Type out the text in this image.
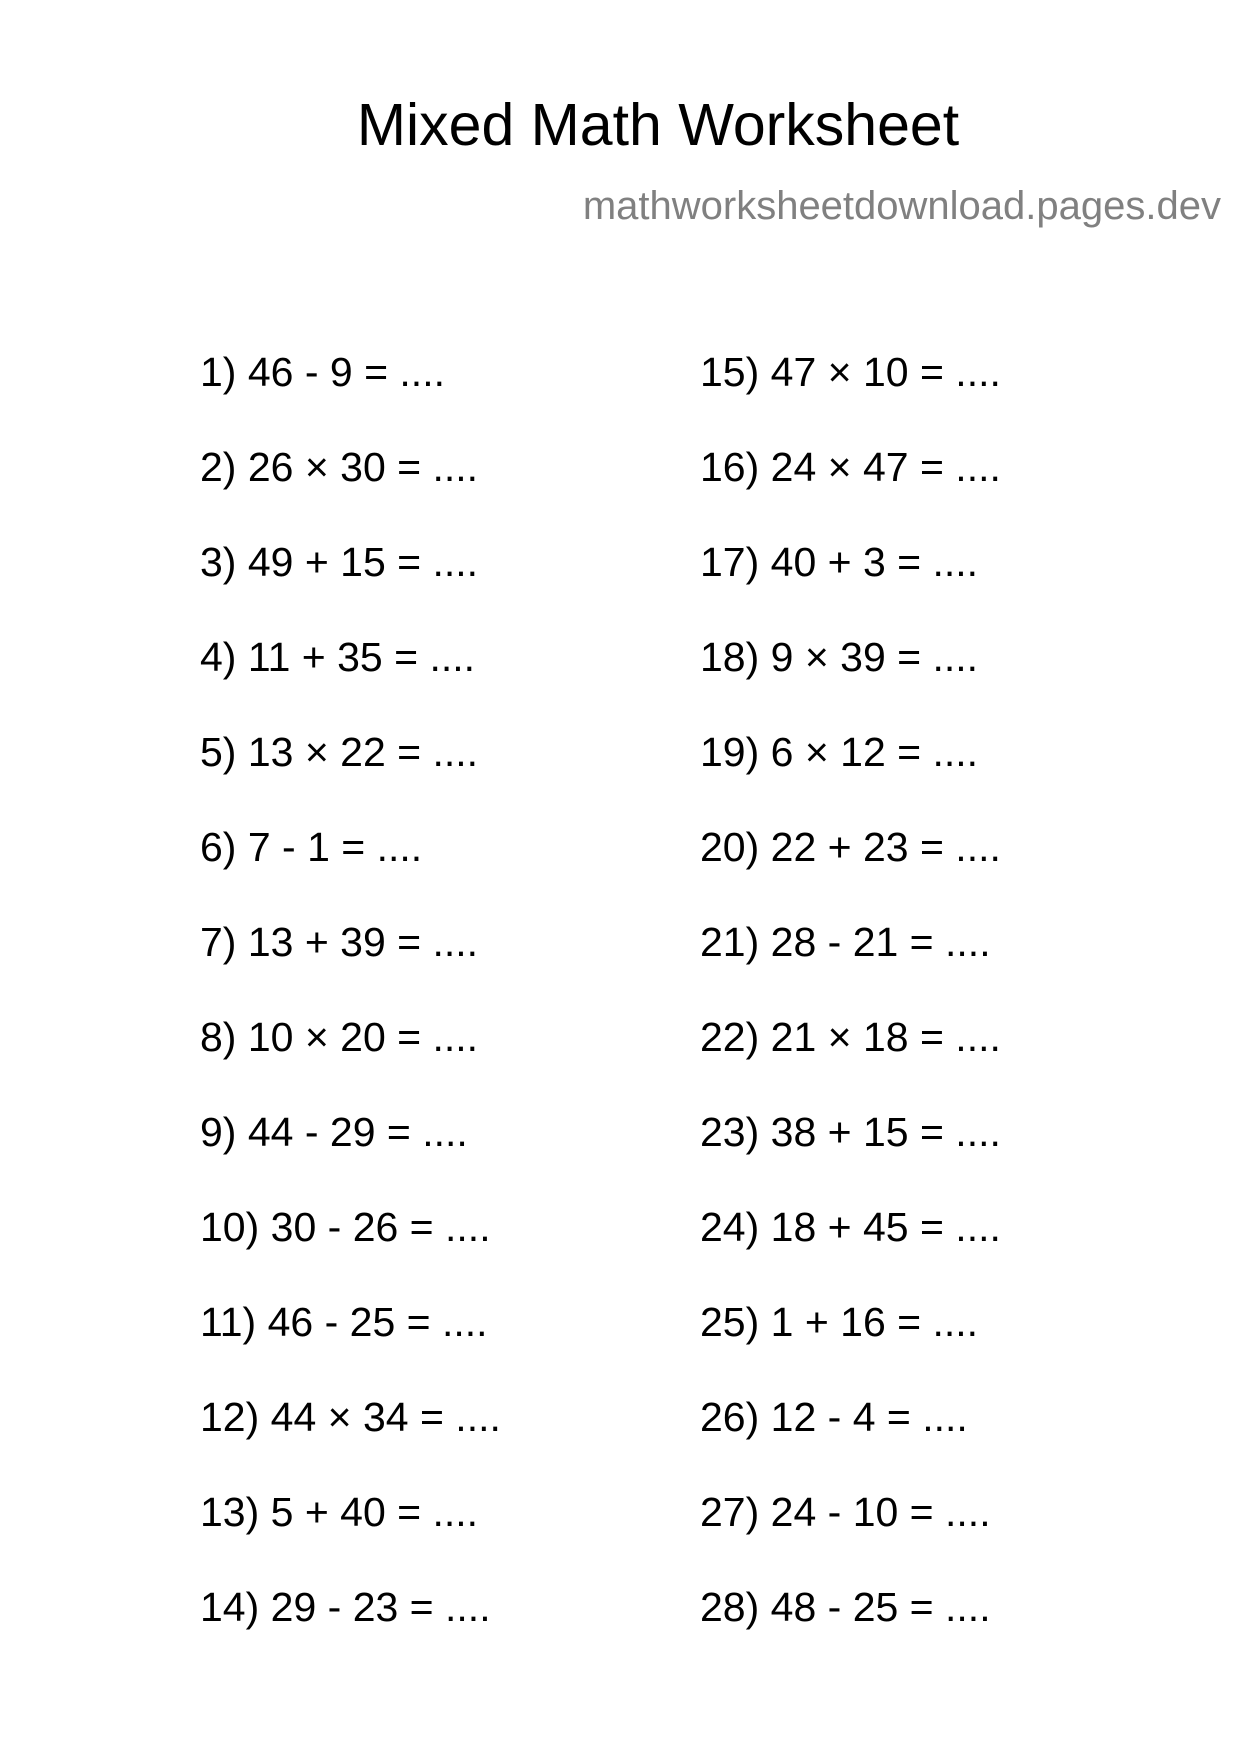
Mixed Math Worksheet
mathworksheetdownload.pages.dev
1) 46 - 9 = ....
2) 26 × 30 = ....
3) 49 + 15 = ....
4) 11 + 35 = ....
5) 13 × 22 = ....
6) 7 - 1 = ....
7) 13 + 39 = ....
8) 10 × 20 = ....
9) 44 - 29 = ....
10) 30 - 26 = ....
11) 46 - 25 = ....
12) 44 × 34 = ....
13) 5 + 40 = ....
14) 29 - 23 = ....
15) 47 × 10 = ....
16) 24 × 47 = ....
17) 40 + 3 = ....
18) 9 × 39 = ....
19) 6 × 12 = ....
20) 22 + 23 = ....
21) 28 - 21 = ....
22) 21 × 18 = ....
23) 38 + 15 = ....
24) 18 + 45 = ....
25) 1 + 16 = ....
26) 12 - 4 = ....
27) 24 - 10 = ....
28) 48 - 25 = ....
